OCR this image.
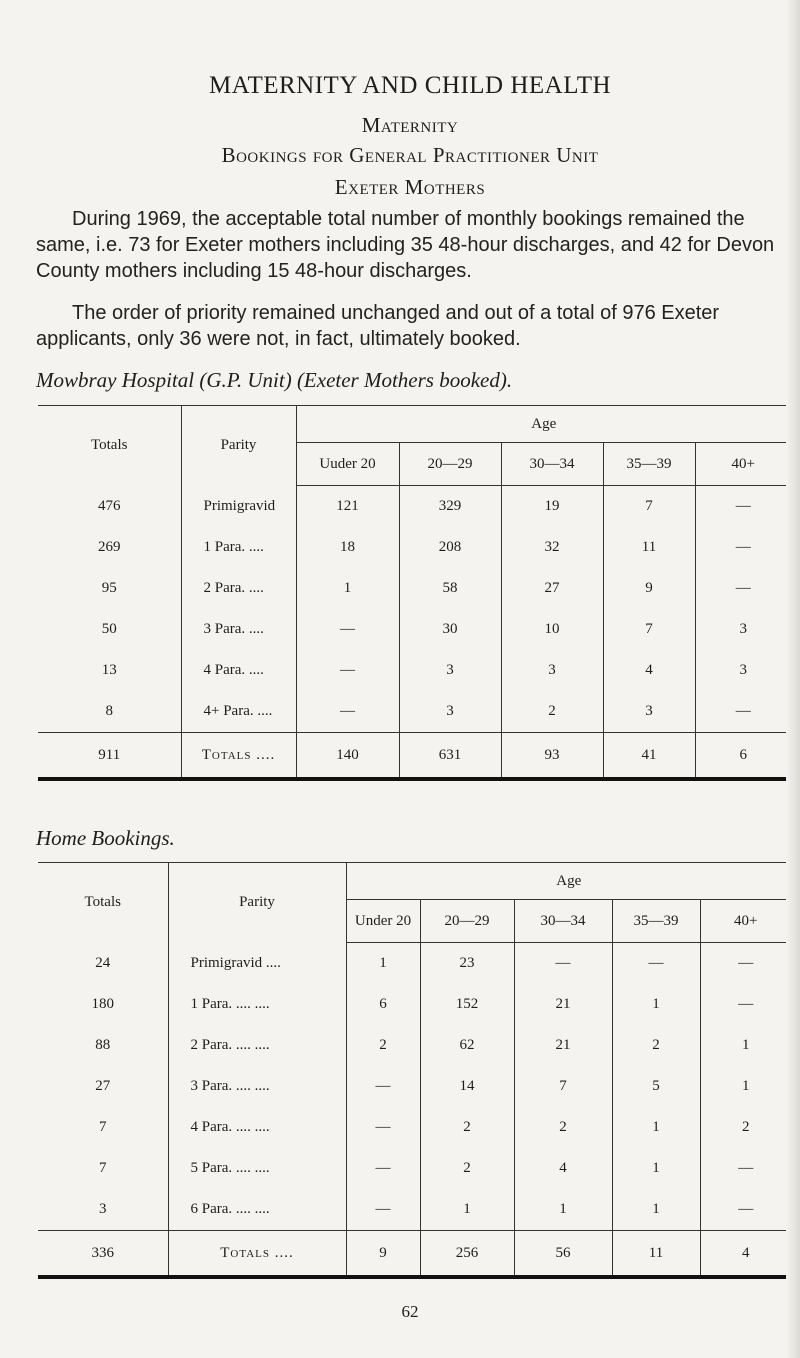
MATERNITY AND CHILD HEALTH
Maternity
Bookings for General Practitioner Unit
Exeter Mothers
During 1969, the acceptable total number of monthly bookings remained the same, i.e. 73 for Exeter mothers including 35 48-hour discharges, and 42 for Devon County mothers including 15 48-hour discharges.
The order of priority remained unchanged and out of a total of 976 Exeter applicants, only 36 were not, in fact, ultimately booked.
Mowbray Hospital (G.P. Unit) (Exeter Mothers booked).
Totals	Parity	Age				
		Uuder 20	20—29	30—34	35—39	40+
476	Primigravid	121	329	19	7	—
269	1 Para. ....	18	208	32	11	—
95	2 Para. ....	1	58	27	9	—
50	3 Para. ....	—	30	10	7	3
13	4 Para. ....	—	3	3	4	3
8	4+ Para. ....	—	3	2	3	—
911	Totals ....	140	631	93	41	6
Home Bookings.
Totals	Parity	Age				
		Under 20	20—29	30—34	35—39	40+
24	Primigravid ....	1	23	—	—	—
180	1 Para. .... ....	6	152	21	1	—
88	2 Para. .... ....	2	62	21	2	1
27	3 Para. .... ....	—	14	7	5	1
7	4 Para. .... ....	—	2	2	1	2
7	5 Para. .... ....	—	2	4	1	—
3	6 Para. .... ....	—	1	1	1	—
336	Totals ....	9	256	56	11	4
62
